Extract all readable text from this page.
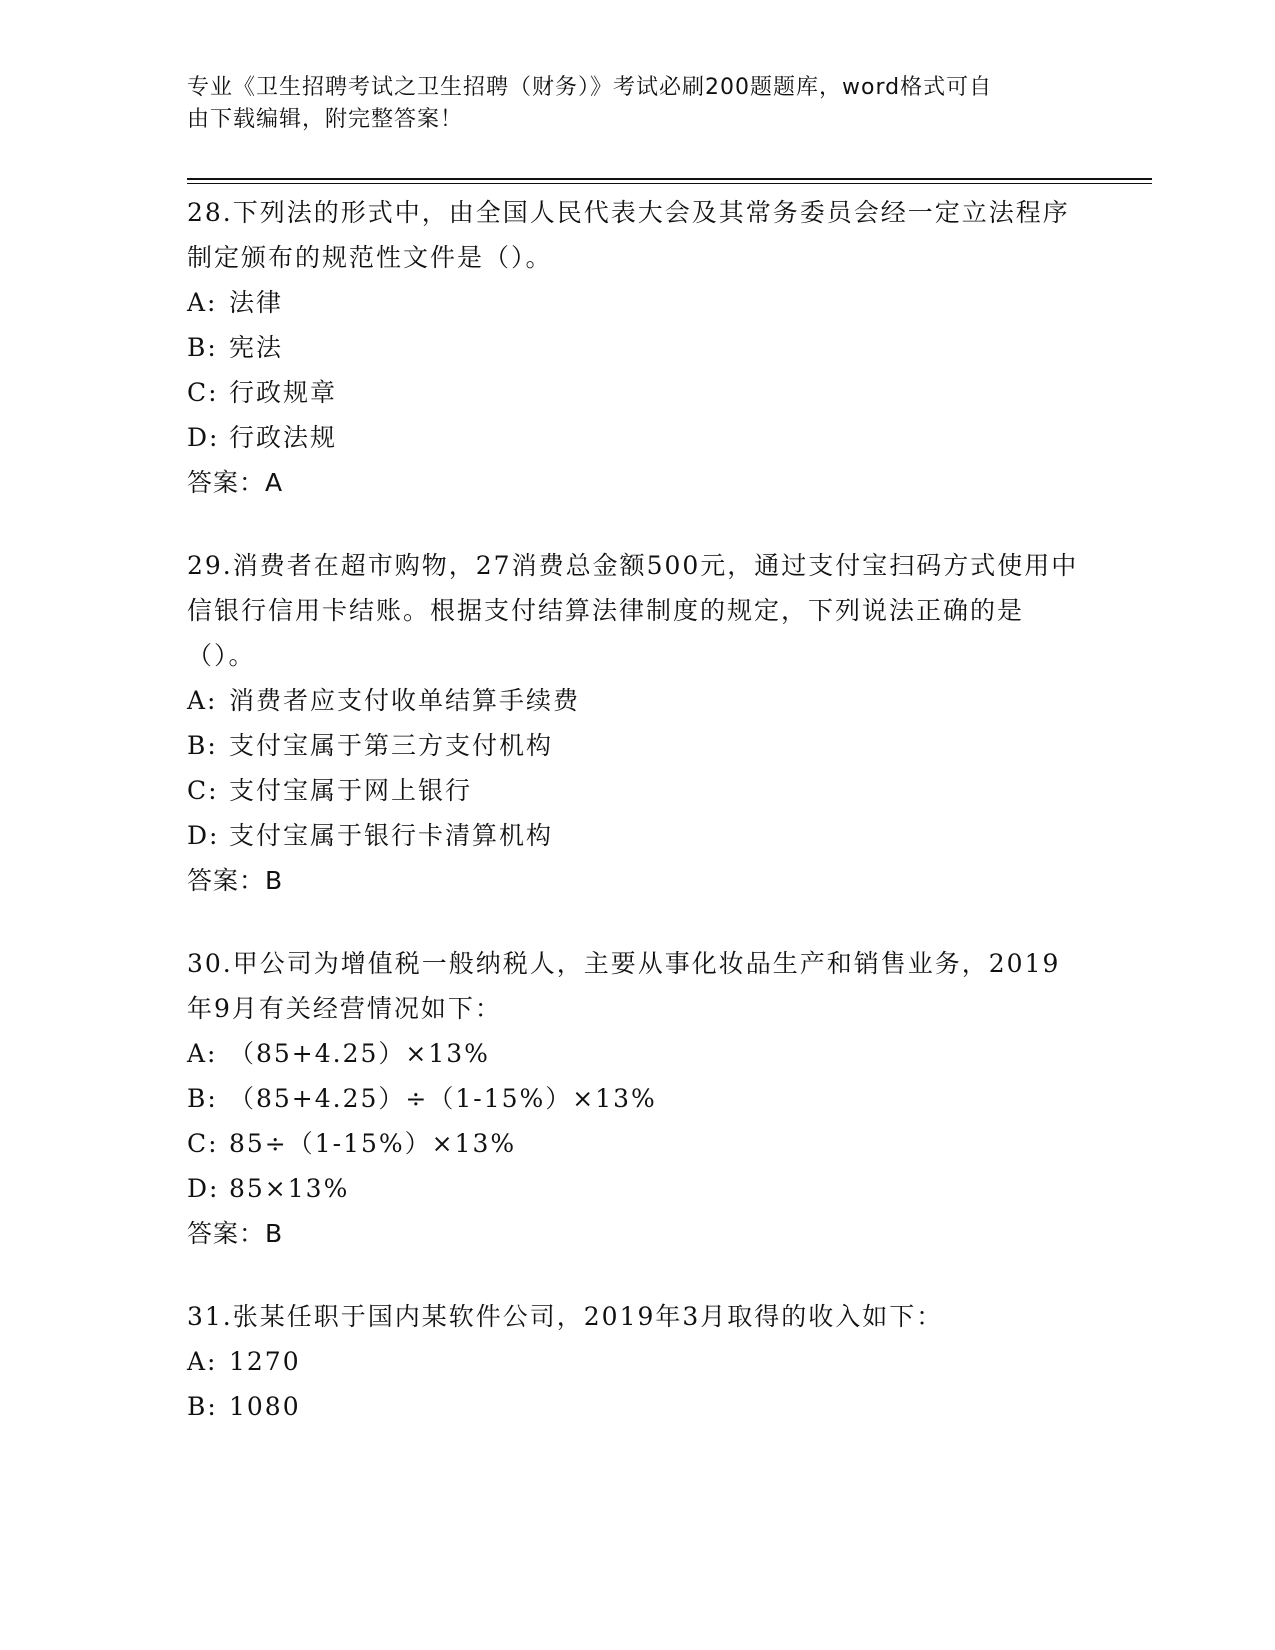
专业《卫生招聘考试之卫生招聘（财务）》考试必刷200题题库，word格式可自
由下载编辑，附完整答案！
28.下列法的形式中，由全国人民代表大会及其常务委员会经一定立法程序制定颁布的规范性文件是（）。
A: 法律
B: 宪法
C: 行政规章
D: 行政法规
答案：A
29.消费者在超市购物，27消费总金额500元，通过支付宝扫码方式使用中信银行信用卡结账。根据支付结算法律制度的规定，下列说法正确的是（）。
A: 消费者应支付收单结算手续费
B: 支付宝属于第三方支付机构
C: 支付宝属于网上银行
D: 支付宝属于银行卡清算机构
答案：B
30.甲公司为增值税一般纳税人，主要从事化妆品生产和销售业务，2019年9月有关经营情况如下：
A: （85+4.25）×13%
B: （85+4.25）÷（1-15%）×13%
C: 85÷（1-15%）×13%
D: 85×13%
答案：B
31.张某任职于国内某软件公司，2019年3月取得的收入如下：
A: 1270
B: 1080
